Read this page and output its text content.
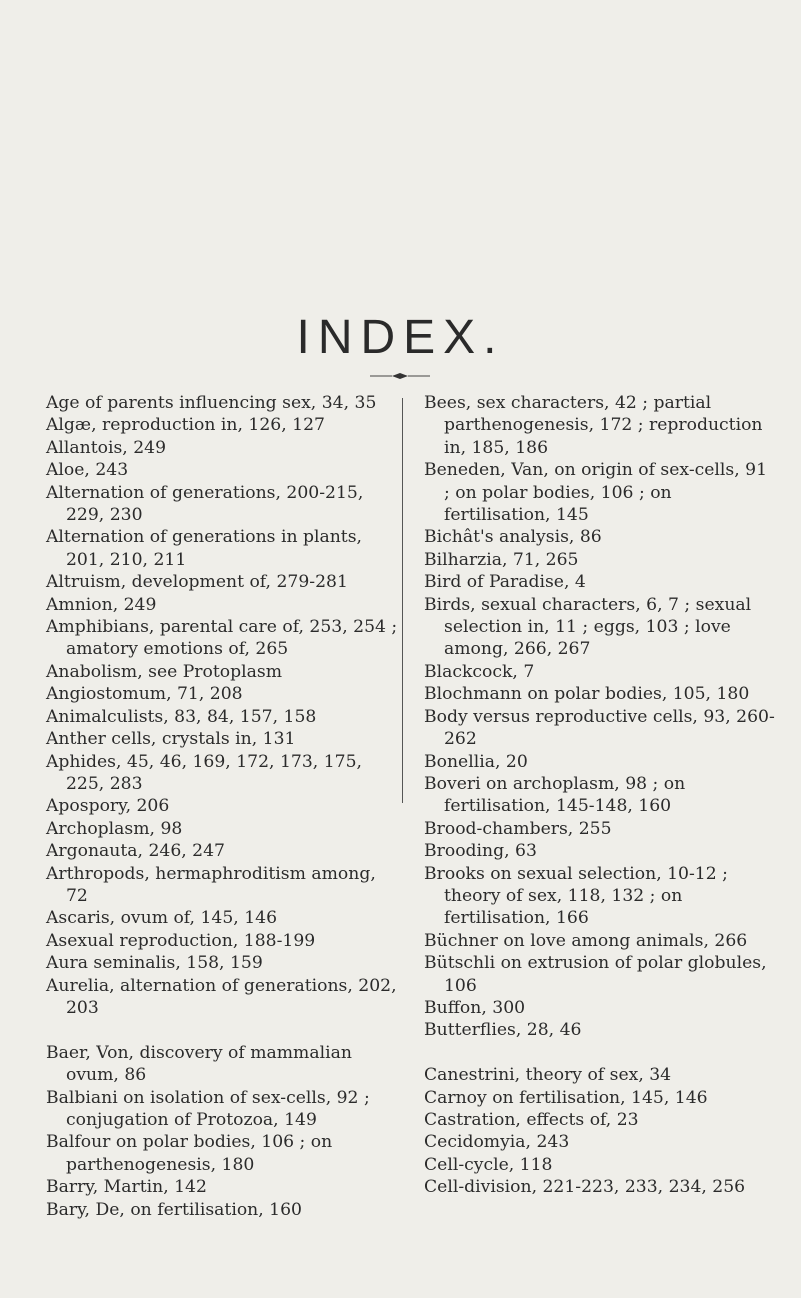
INDEX.

Age of parents influencing sex, 34, 35

Algæ, reproduction in, 126, 127

Allantois, 249

Aloe, 243

Alternation of generations, 200-215, 229, 230

Alternation of generations in plants, 201, 210, 211

Altruism, development of, 279-281

Amnion, 249

Amphibians, parental care of, 253, 254 ; amatory emotions of, 265

Anabolism, see Protoplasm

Angiostomum, 71, 208

Animalculists, 83, 84, 157, 158

Anther cells, crystals in, 131

Aphides, 45, 46, 169, 172, 173, 175, 225, 283

Apospory, 206

Archoplasm, 98

Argonauta, 246, 247

Arthropods, hermaphroditism among, 72

Ascaris, ovum of, 145, 146

Asexual reproduction, 188-199

Aura seminalis, 158, 159

Aurelia, alternation of generations, 202, 203

Baer, Von, discovery of mammalian ovum, 86

Balbiani on isolation of sex-cells, 92 ; conjugation of Protozoa, 149

Balfour on polar bodies, 106 ; on parthenogenesis, 180

Barry, Martin, 142

Bary, De, on fertilisation, 160

Bees, sex characters, 42 ; partial parthenogenesis, 172 ; reproduction in, 185, 186

Beneden, Van, on origin of sex-cells, 91 ; on polar bodies, 106 ; on fertilisation, 145

Bichât's analysis, 86

Bilharzia, 71, 265

Bird of Paradise, 4

Birds, sexual characters, 6, 7 ; sexual selection in, 11 ; eggs, 103 ; love among, 266, 267

Blackcock, 7

Blochmann on polar bodies, 105, 180

Body versus reproductive cells, 93, 260-262

Bonellia, 20

Boveri on archoplasm, 98 ; on fertilisation, 145-148, 160

Brood-chambers, 255

Brooding, 63

Brooks on sexual selection, 10-12 ; theory of sex, 118, 132 ; on fertilisation, 166

Büchner on love among animals, 266

Bütschli on extrusion of polar globules, 106

Buffon, 300

Butterflies, 28, 46

Canestrini, theory of sex, 34

Carnoy on fertilisation, 145, 146

Castration, effects of, 23

Cecidomyia, 243

Cell-cycle, 118

Cell-division, 221-223, 233, 234, 256
